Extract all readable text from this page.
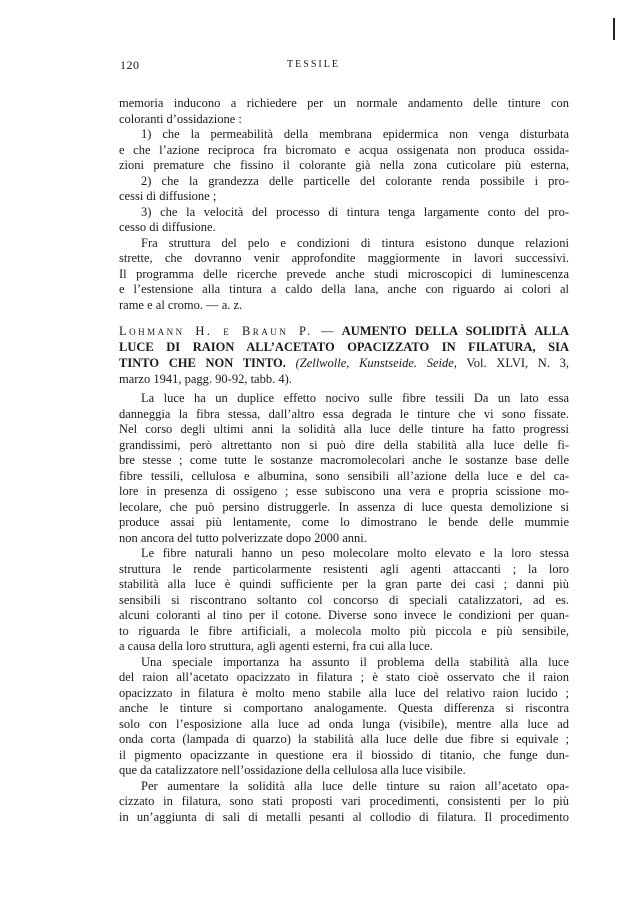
120	TESSILE
memoria inducono a richiedere per un normale andamento delle tinture con
coloranti d’ossidazione :
1) che la permeabilità della membrana epidermica non venga disturbata
e che l’azione reciproca fra bicromato e acqua ossigenata non produca ossida-
zioni premature che fissino il colorante già nella zona cuticolare più esterna,
2) che la grandezza delle particelle del colorante renda possibile i pro-
cessi di diffusione ;
3) che la velocità del processo di tintura tenga largamente conto del pro-
cesso di diffusione.
Fra struttura del pelo e condizioni di tintura esistono dunque relazioni
strette, che dovranno venir approfondite maggiormente in lavori successivi.
Il programma delle ricerche prevede anche studi microscopici di luminescenza
e l’estensione alla tintura a caldo della lana, anche con riguardo ai colori al
rame e al cromo. — a. z.
Lohmann H. e Braun P. — AUMENTO DELLA SOLIDITÀ ALLA
LUCE DI RAION ALL’ACETATO OPACIZZATO IN FILATURA, SIA
TINTO CHE NON TINTO. (Zellwolle, Kunstseide. Seide, Vol. XLVI, N. 3,
marzo 1941, pagg. 90-92, tabb. 4).
La luce ha un duplice effetto nocivo sulle fibre tessili Da un lato essa
danneggia la fibra stessa, dall’altro essa degrada le tinture che vi sono fissate.
Nel corso degli ultimi anni la solidità alla luce delle tinture ha fatto progressi
grandissimi, però altrettanto non si può dire della stabilità alla luce delle fi-
bre stesse ; come tutte le sostanze macromolecolari anche le sostanze base delle
fibre tessili, cellulosa e albumina, sono sensibili all’azione della luce e del ca-
lore in presenza di ossigeno ; esse subiscono una vera e propria scissione mo-
lecolare, che può persino distruggerle. In assenza di luce questa demolizione si
produce assai più lentamente, come lo dimostrano le bende delle mummie
non ancora del tutto polverizzate dopo 2000 anni.
Le fibre naturali hanno un peso molecolare molto elevato e la loro stessa
struttura le rende particolarmente resistenti agli agenti attaccanti ; la loro
stabilità alla luce è quindi sufficiente per la gran parte dei casi ; danni più
sensibili si riscontrano soltanto col concorso di speciali catalizzatori, ad es.
alcuni coloranti al tino per il cotone. Diverse sono invece le condizioni per quan-
to riguarda le fibre artificiali, a molecola molto più piccola e più sensibile,
a causa della loro struttura, agli agenti esterni, fra cui alla luce.
Una speciale importanza ha assunto il problema della stabilità alla luce
del raion all’acetato opacizzato in filatura ; è stato cioè osservato che il raion
opacizzato in filatura è molto meno stabile alla luce del relativo raion lucido ;
anche le tinture si comportano analogamente. Questa differenza si riscontra
solo con l’esposizione alla luce ad onda lunga (visibile), mentre alla luce ad
onda corta (lampada di quarzo) la stabilità alla luce delle due fibre si equivale ;
il pigmento opacizzante in questione era il biossido di titanio, che funge dun-
que da catalizzatore nell’ossidazione della cellulosa alla luce visibile.
Per aumentare la solidità alla luce delle tinture su raion all’acetato opa-
cizzato in filatura, sono stati proposti vari procedimenti, consistenti per lo più
in un’aggiunta di sali di metalli pesanti al collodio di filatura. Il procedimento
